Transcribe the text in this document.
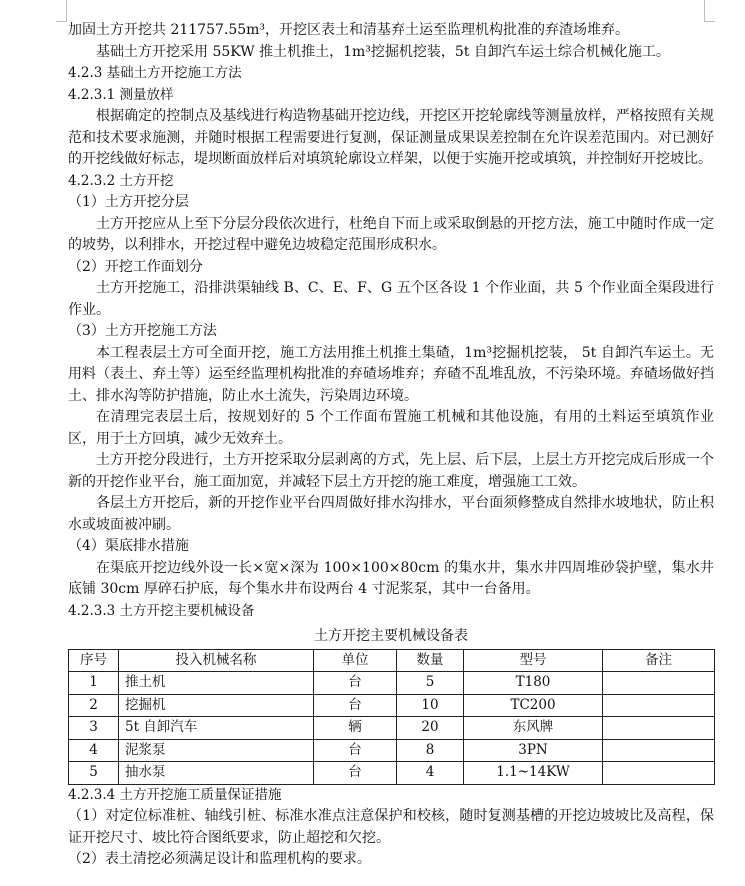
加固土方开挖共 211757.55m³，开挖区表土和清基弃土运至监理机构批准的弃渣场堆弃。

基础土方开挖采用 55KW 推土机推土，1m³挖掘机挖装，5t 自卸汽车运土综合机械化施工。

4.2.3 基础土方开挖施工方法

4.2.3.1 测量放样

根据确定的控制点及基线进行构造物基础开挖边线，开挖区开挖轮廓线等测量放样，严格按照有关规范和技术要求施测，并随时根据工程需要进行复测，保证测量成果误差控制在允许误差范围内。对已测好的开挖线做好标志，堤坝断面放样后对填筑轮廓设立样架，以便于实施开挖或填筑，并控制好开挖坡比。

4.2.3.2 土方开挖

（1）土方开挖分层

土方开挖应从上至下分层分段依次进行，杜绝自下而上或采取倒悬的开挖方法，施工中随时作成一定的坡势，以利排水，开挖过程中避免边坡稳定范围形成积水。

（2）开挖工作面划分

土方开挖施工，沿排洪渠轴线 B、C、E、F、G 五个区各设 1 个作业面，共 5 个作业面全渠段进行作业。

（3）土方开挖施工方法

本工程表层土方可全面开挖，施工方法用推土机推土集碴，1m³挖掘机挖装， 5t 自卸汽车运土。无用料（表土、弃土等）运至经监理机构批准的弃碴场堆弃；弃碴不乱堆乱放，不污染环境。弃碴场做好挡土、排水沟等防护措施，防止水土流失，污染周边环境。

在清理完表层土后，按规划好的 5 个工作面布置施工机械和其他设施，有用的土料运至填筑作业区，用于土方回填，减少无效弃土。

土方开挖分段进行，土方开挖采取分层剥离的方式，先上层、后下层，上层土方开挖完成后形成一个新的开挖作业平台，施工面加宽，并减轻下层土方开挖的施工难度，增强施工工效。

各层土方开挖后，新的开挖作业平台四周做好排水沟排水，平台面须修整成自然排水坡地状，防止积水或坡面被冲刷。

（4）渠底排水措施

在渠底开挖边线外设一长×宽×深为 100×100×80cm 的集水井，集水井四周堆砂袋护壁，集水井底铺 30cm 厚碎石护底，每个集水井布设两台 4 寸泥浆泵，其中一台备用。

4.2.3.3 土方开挖主要机械设备

土方开挖主要机械设备表
序号	投入机械名称	单位	数量	型号	备注
1	推土机	台	5	T180	
2	挖掘机	台	10	TC200	
3	5t 自卸汽车	辆	20	东风牌	
4	泥浆泵	台	8	3PN	
5	抽水泵	台	4	1.1~14KW	

4.2.3.4 土方开挖施工质量保证措施

（1）对定位标准桩、轴线引桩、标准水准点注意保护和校核，随时复测基槽的开挖边坡坡比及高程，保证开挖尺寸、坡比符合图纸要求，防止超挖和欠挖。

（2）表土清挖必须满足设计和监理机构的要求。
